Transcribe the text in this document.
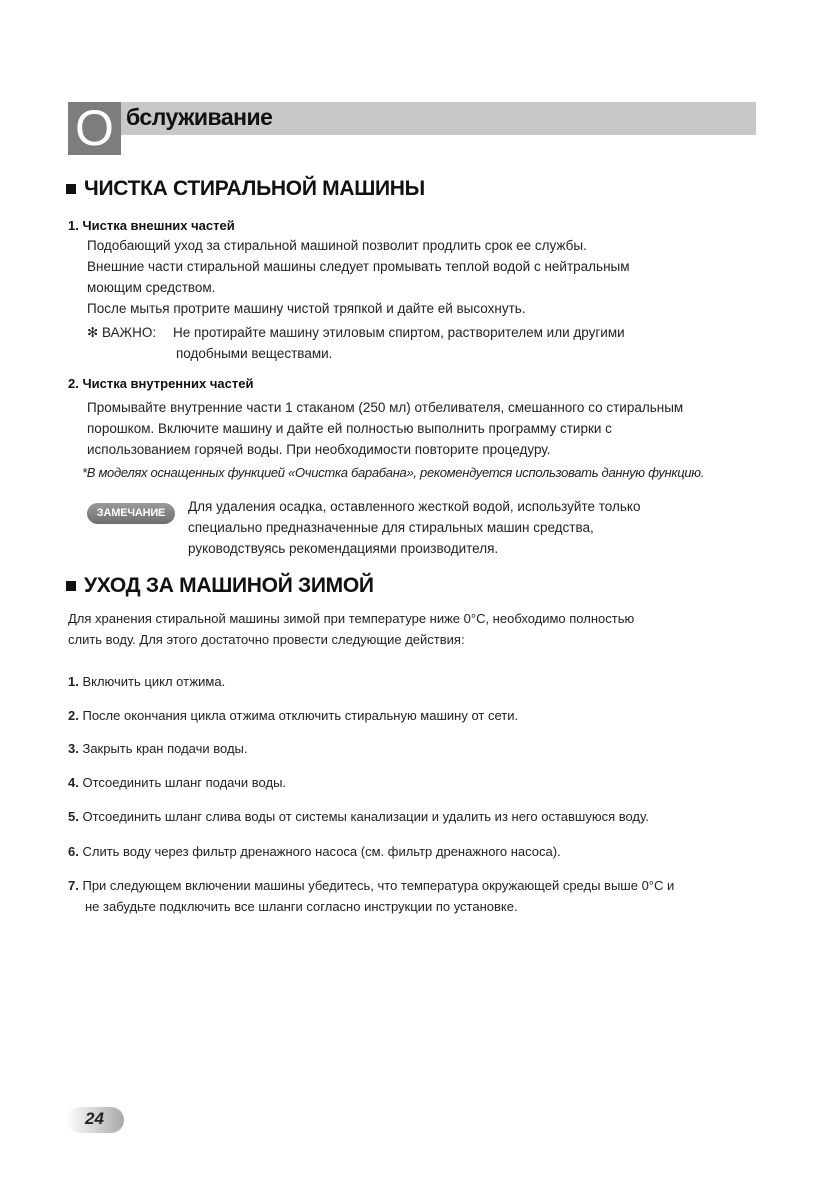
O бслуживание
ЧИСТКА СТИРАЛЬНОЙ МАШИНЫ
1. Чистка внешних частей
Подобающий уход за стиральной машиной позволит продлить срок ее службы.
Внешние части стиральной машины следует промывать теплой водой с нейтральным
моющим средством.
После мытья протрите машину чистой тряпкой и дайте ей высохнуть.
✻ ВАЖНО: Не протирайте машину этиловым спиртом, растворителем или другими
подобными веществами.
2. Чистка внутренних частей
Промывайте внутренние части 1 стаканом (250 мл) отбеливателя, смешанного со стиральным
порошком. Включите машину и дайте ей полностью выполнить программу стирки с
использованием горячей воды. При необходимости повторите процедуру.
*В моделях оснащенных функцией «Очистка барабана», рекомендуется использовать данную функцию.
ЗАМЕЧАНИЕ	Для удаления осадка, оставленного жесткой водой, используйте только
специально предназначенные для стиральных машин средства,
руководствуясь рекомендациями производителя.
УХОД ЗА МАШИНОЙ ЗИМОЙ
Для хранения стиральной машины зимой при температуре ниже 0°С, необходимо полностью
слить воду. Для этого достаточно провести следующие действия:
1. Включить цикл отжима.
2. После окончания цикла отжима отключить стиральную машину от сети.
3. Закрыть кран подачи воды.
4. Отсоединить шланг подачи воды.
5. Отсоединить шланг слива воды от системы канализации и удалить из него оставшуюся воду.
6. Слить воду через фильтр дренажного насоса (см. фильтр дренажного насоса).
7. При следующем включении машины убедитесь, что температура окружающей среды выше 0°С и
не забудьте подключить все шланги согласно инструкции по установке.
24
